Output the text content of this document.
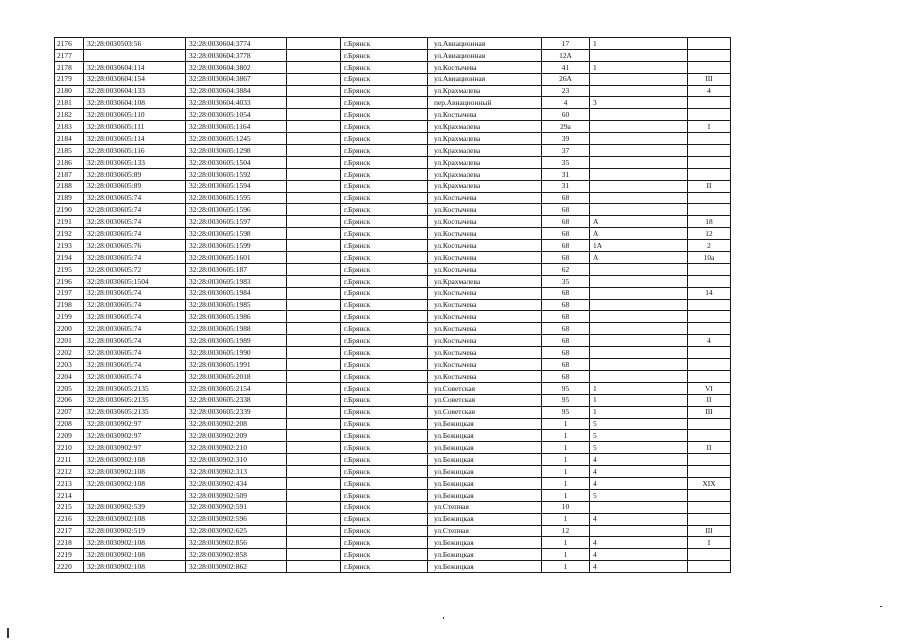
2176	32:28:0030503:56	32:28:0030604:3774		г.Брянск	ул.Авиационная	17	1	
2177		32:28:0030604:3778		г.Брянск	ул.Авиационная	12А		
2178	32:28:0030604:114	32:28:0030604:3802		г.Брянск	ул.Костычева	41	1	
2179	32:28:0030604:154	32:28:0030604:3867		г.Брянск	ул.Авиационная	26А		III
2180	32:28:0030604:133	32:28:0030604:3884		г.Брянск	ул.Крахмалева	23		4
2181	32:28:0030604:108	32:28:0030604:4033		г.Брянск	пер.Авиационный	4	3	
2182	32:28:0030605:110	32:28:0030605:1054		г.Брянск	ул.Костычева	60		
2183	32:28:0030605:111	32:28:0030605:1164		г.Брянск	ул.Крахмалева	29а		I
2184	32:28:0030605:114	32:28:0030605:1245		г.Брянск	ул.Крахмалева	39		
2185	32:28:0030605:116	32:28:0030605:1298		г.Брянск	ул.Крахмалева	37		
2186	32:28:0030605:133	32:28:0030605:1504		г.Брянск	ул.Крахмалева	35		
2187	32:28:0030605:89	32:28:0030605:1592		г.Брянск	ул.Крахмалева	31		
2188	32:28:0030605:89	32:28:0030605:1594		г.Брянск	ул.Крахмалева	31		II
2189	32:28:0030605:74	32:28:0030605:1595		г.Брянск	ул.Костычева	68		
2190	32:28:0030605:74	32:28:0030605:1596		г.Брянск	ул.Костычева	68		
2191	32:28:0030605:74	32:28:0030605:1597		г.Брянск	ул.Костычева	68	А	18
2192	32:28:0030605:74	32:28:0030605:1598		г.Брянск	ул.Костычева	68	А	12
2193	32:28:0030605:76	32:28:0030605:1599		г.Брянск	ул.Костычева	68	1А	2
2194	32:28:0030605:74	32:28:0030605:1601		г.Брянск	ул.Костычева	68	А	10а
2195	32:28:0030605:72	32:28:0030605:187		г.Брянск	ул.Костычева	62		
2196	32:28:0030605:1504	32:28:0030605:1983		г.Брянск	ул.Крахмалева	35		
2197	32:28:0030605:74	32:28:0030605:1984		г.Брянск	ул.Костычева	68		14
2198	32:28:0030605:74	32:28:0030605:1985		г.Брянск	ул.Костычева	68		
2199	32:28:0030605:74	32:28:0030605:1986		г.Брянск	ул.Костычева	68		
2200	32:28:0030605:74	32:28:0030605:1988		г.Брянск	ул.Костычева	68		
2201	32:28:0030605:74	32:28:0030605:1989		г.Брянск	ул.Костычева	68		4
2202	32:28:0030605:74	32:28:0030605:1990		г.Брянск	ул.Костычева	68		
2203	32:28:0030605:74	32:28:0030605:1991		г.Брянск	ул.Костычева	68		
2204	32:28:0030605:74	32:28:0030605:2018		г.Брянск	ул.Костычева	68		
2205	32:28:0030605:2135	32:28:0030605:2154		г.Брянск	ул.Советская	95	1	VI
2206	32:28:0030605:2135	32:28:0030605:2338		г.Брянск	ул.Советская	95	1	II
2207	32:28:0030605:2135	32:28:0030605:2339		г.Брянск	ул.Советская	95	1	III
2208	32:28:0030902:97	32:28:0030902:208		г.Брянск	ул.Бежицкая	1	5	
2209	32:28:0030902:97	32:28:0030902:209		г.Брянск	ул.Бежицкая	1	5	
2210	32:28:0030902:97	32:28:0030902:210		г.Брянск	ул.Бежицкая	1	5	II
2211	32:28:0030902:108	32:28:0030902:310		г.Брянск	ул.Бежицкая	1	4	
2212	32:28:0030902:108	32:28:0030902:313		г.Брянск	ул.Бежицкая	1	4	
2213	32:28:0030902:108	32:28:0030902:434		г.Брянск	ул.Бежицкая	1	4	XIX
2214		32:28:0030902:509		г.Брянск	ул.Бежицкая	1	5	
2215	32:28:0030902:539	32:28:0030902:591		г.Брянск	ул.Степная	10		
2216	32:28:0030902:108	32:28:0030902:596		г.Брянск	ул.Бежицкая	1	4	
2217	32:28:0030902:519	32:28:0030902:625		г.Брянск	ул.Степная	12		III
2218	32:28:0030902:108	32:28:0030902:856		г.Брянск	ул.Бежицкая	1	4	I
2219	32:28:0030902:108	32:28:0030902:858		г.Брянск	ул.Бежицкая	1	4	
2220	32:28:0030902:108	32:28:0030902:862		г.Брянск	ул.Бежицкая	1	4	
